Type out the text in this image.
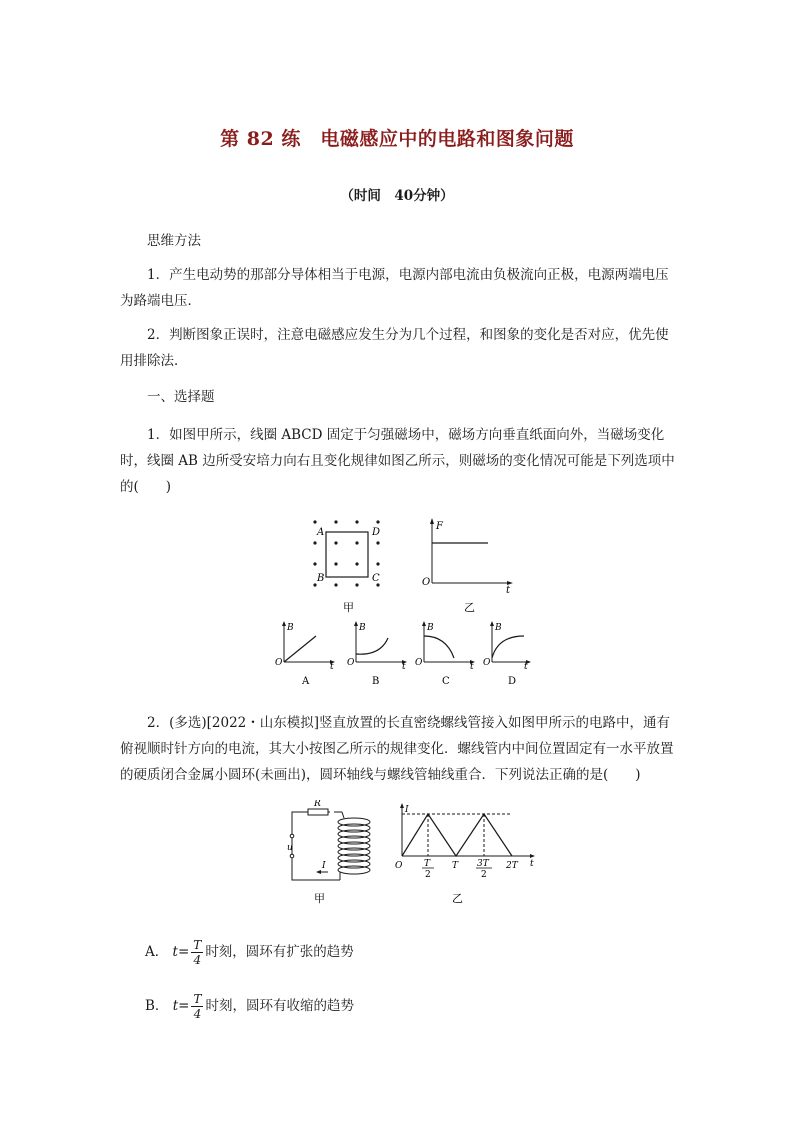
第 82 练　电磁感应中的电路和图象问题
（时间　40分钟）
思维方法
1．产生电动势的那部分导体相当于电源，电源内部电流由负极流向正极，电源两端电压为路端电压．
2．判断图象正误时，注意电磁感应发生分为几个过程，和图象的变化是否对应，优先使用排除法．
一、选择题
1．如图甲所示，线圈 ABCD 固定于匀强磁场中，磁场方向垂直纸面向外，当磁场变化时，线圈 AB 边所受安培力向右且变化规律如图乙所示，则磁场的变化情况可能是下列选项中的(　　)
A	D
B	C
甲
F
O
t
乙
B
O	t
A
B
O	t
B
B
O	t
C
B
O	t
D
2．(多选)[2022・山东模拟]竖直放置的长直密绕螺线管接入如图甲所示的电路中，通有俯视顺时针方向的电流，其大小按图乙所示的规律变化．螺线管内中间位置固定有一水平放置的硬质闭合金属小圆环(未画出)，圆环轴线与螺线管轴线重合．下列说法正确的是(　　)
R
u
I
甲
I
O T
2
T 3T
2
2T t
乙
A． $t= \frac{T}{4}$ 时刻，圆环有扩张的趋势
B． $t= \frac{T}{4}$ 时刻，圆环有收缩的趋势
